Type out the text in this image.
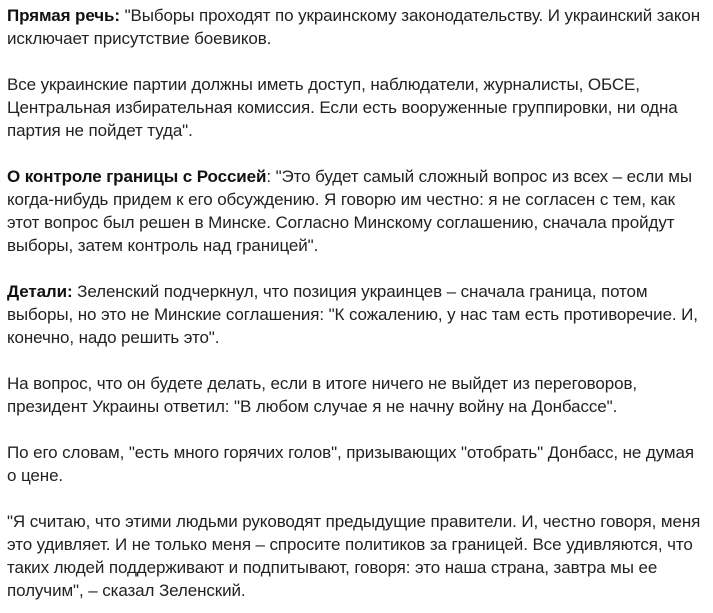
Прямая речь: "Выборы проходят по украинскому законодательству. И украинский закон исключает присутствие боевиков.

Все украинские партии должны иметь доступ, наблюдатели, журналисты, ОБСЕ, Центральная избирательная комиссия. Если есть вооруженные группировки, ни одна партия не пойдет туда".

О контроле границы с Россией: "Это будет самый сложный вопрос из всех – если мы когда-нибудь придем к его обсуждению. Я говорю им честно: я не согласен с тем, как этот вопрос был решен в Минске. Согласно Минскому соглашению, сначала пройдут выборы, затем контроль над границей".

Детали: Зеленский подчеркнул, что позиция украинцев – сначала граница, потом выборы, но это не Минские соглашения: "К сожалению, у нас там есть противоречие. И, конечно, надо решить это".

На вопрос, что он будете делать, если в итоге ничего не выйдет из переговоров, президент Украины ответил: "В любом случае я не начну войну на Донбассе".

По его словам, "есть много горячих голов", призывающих "отобрать" Донбасс, не думая о цене.

"Я считаю, что этими людьми руководят предыдущие правители. И, честно говоря, меня это удивляет. И не только меня – спросите политиков за границей. Все удивляются, что таких людей поддерживают и подпитывают, говоря: это наша страна, завтра мы ее получим", – сказал Зеленский.
